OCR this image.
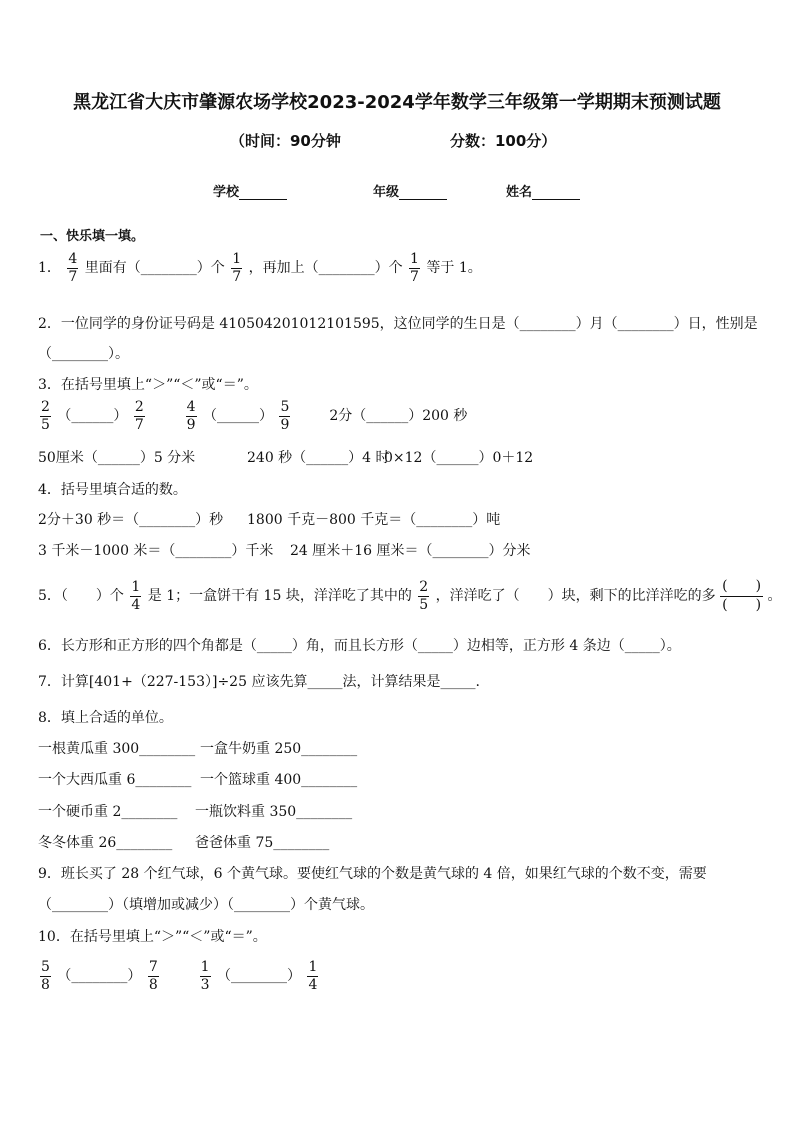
黑龙江省大庆市肇源农场学校2023-2024学年数学三年级第一学期期末预测试题
（时间：90分钟	分数：100分）
学校	年级	姓名
一、快乐填一填。
1． $\frac{4}{7}$ 里面有（________）个 $\frac{1}{7}$ ，再加上（________）个 $\frac{1}{7}$ 等于 1。
2．一位同学的身份证号码是 410504201012101595，这位同学的生日是（________）月（________）日，性别是
（________）。
3．在括号里填上“＞”“＜”或“＝”。
$\frac{2}{5}$ （______） $\frac{2}{7}$
	$\frac{4}{9}$ （______） $\frac{5}{9}$	2分（______）200 秒
50厘米（______）5 分米	240 秒（______）4 时
0×12（______）0＋12
4．括号里填合适的数。
2分＋30 秒＝（________）秒 1800 千克－800 千克＝（________）吨
3 千米－1000 米＝（________）千米 24 厘米＋16 厘米＝（________）分米
5．（　　）个 $\frac{1}{4}$ 是 1；一盒饼干有 15 块，洋洋吃了其中的 $\frac{2}{5}$ ，洋洋吃了（　　）块，剩下的比洋洋吃的多 $\frac{( )}{( )}$ 。
6．长方形和正方形的四个角都是（_____）角，而且长方形（_____）边相等，正方形 4 条边（_____）。
7．计算[401+（227-153）]÷25 应该先算_____法，计算结果是_____.
8．填上合适的单位。
一根黄瓜重 300________ 一盒牛奶重 250________
一个大西瓜重 6________ 一个篮球重 400________
一个硬币重 2________ 一瓶饮料重 350________
冬冬体重 26________ 爸爸体重 75________
9．班长买了 28 个红气球，6 个黄气球。要使红气球的个数是黄气球的 4 倍，如果红气球的个数不变，需要
（________）（填增加或减少）（________）个黄气球。
10．在括号里填上“＞”“＜”或“＝”。
$\frac{5}{8}$ （________） $\frac{7}{8}$
	$\frac{1}{3}$ （________） $\frac{1}{4}$
